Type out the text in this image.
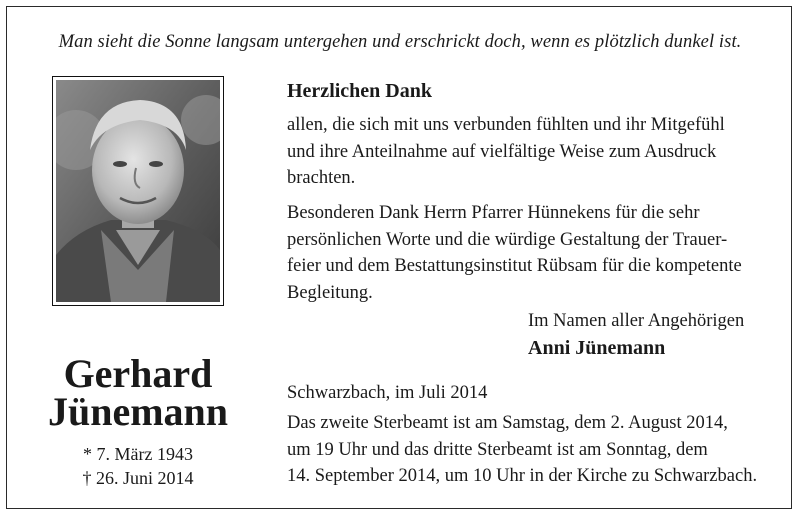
Man sieht die Sonne langsam untergehen und erschrickt doch, wenn es plötzlich dunkel ist.
Gerhard
Jünemann
* 7. März 1943
† 26. Juni 2014
Herzlichen Dank

allen, die sich mit uns verbunden fühlten und ihr Mitgefühl

und ihre Anteilnahme auf vielfältige Weise zum Ausdruck

brachten.

Besonderen Dank Herrn Pfarrer Hünnekens für die sehr

persönlichen Worte und die würdige Gestaltung der Trauer-

feier und dem Bestattungsinstitut Rübsam für die kompetente

Begleitung.

Im Namen aller Angehörigen
Anni Jünemann
Schwarzbach, im Juli 2014

Das zweite Sterbeamt ist am Samstag, dem 2. August 2014,

um 19 Uhr und das dritte Sterbeamt ist am Sonntag, dem

14. September 2014, um 10 Uhr in der Kirche zu Schwarzbach.
